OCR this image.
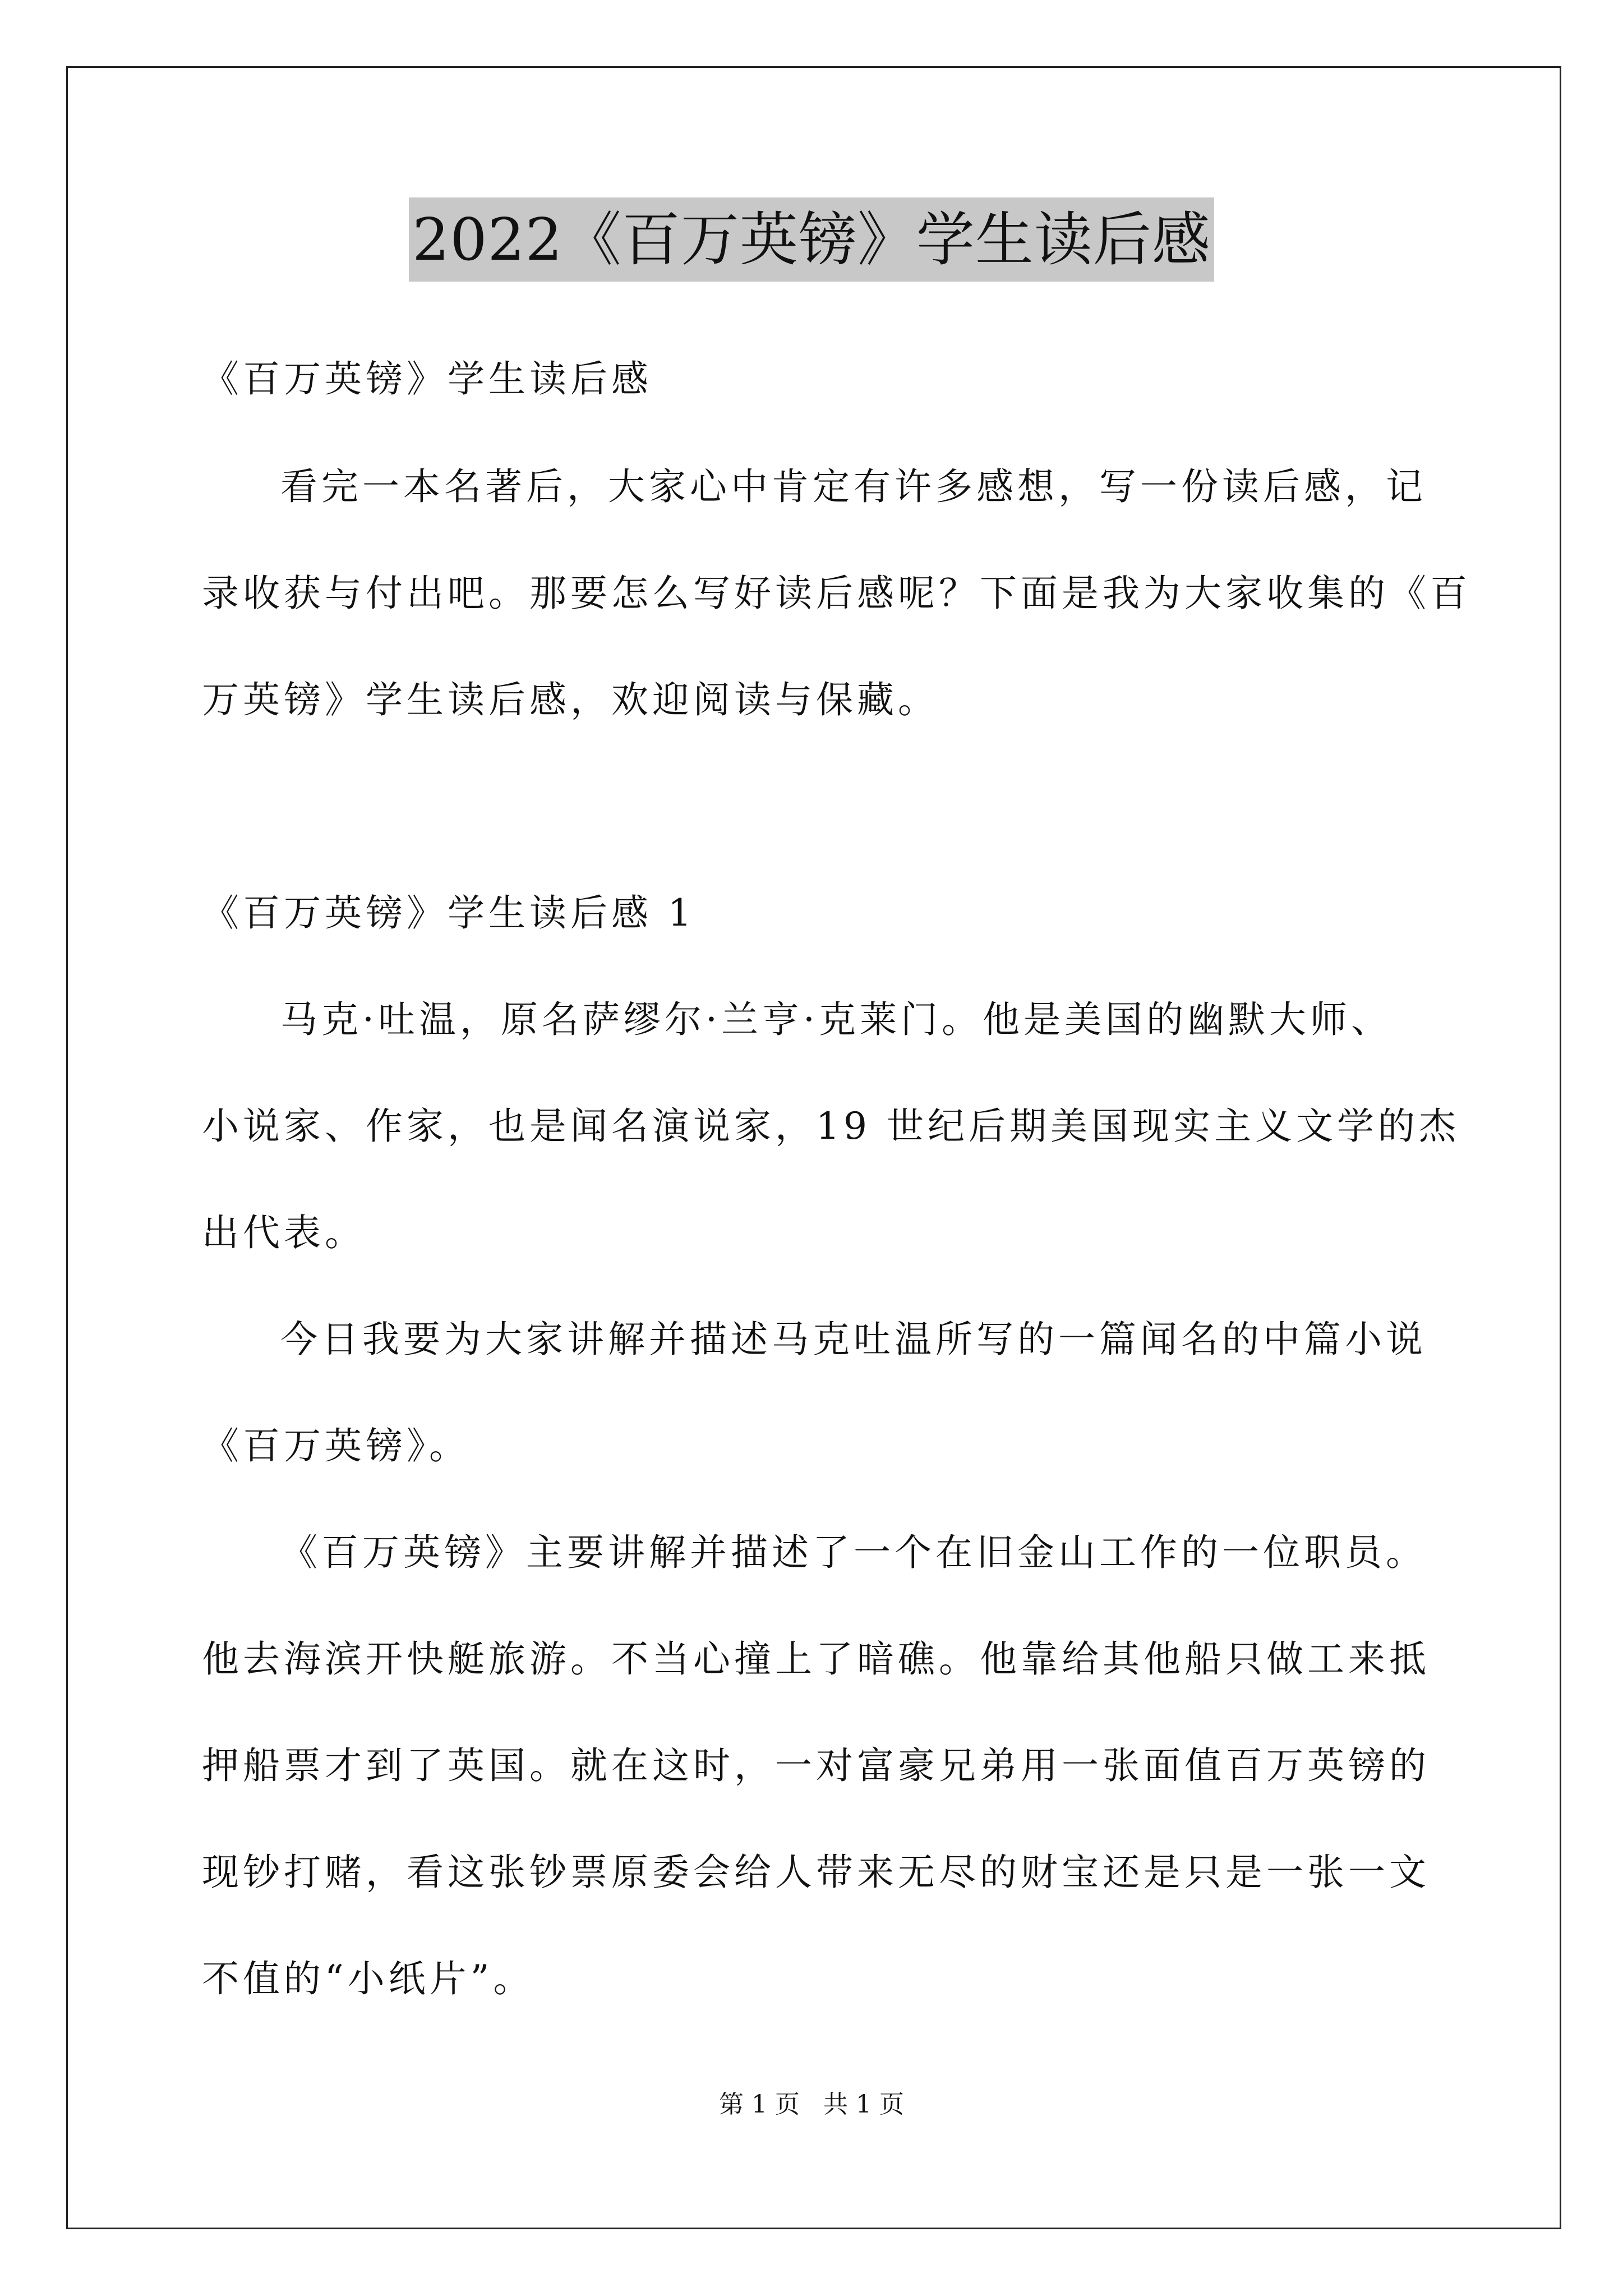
2022《百万英镑》学生读后感
《百万英镑》学生读后感
看完一本名著后，大家心中肯定有许多感想，写一份读后感，记
录收获与付出吧。那要怎么写好读后感呢？下面是我为大家收集的《百
万英镑》学生读后感，欢迎阅读与保藏。
《百万英镑》学生读后感 1
马克·吐温，原名萨缪尔·兰亨·克莱门。他是美国的幽默大师、
小说家、作家，也是闻名演说家，19 世纪后期美国现实主义文学的杰
出代表。
今日我要为大家讲解并描述马克吐温所写的一篇闻名的中篇小说
《百万英镑》。
《百万英镑》主要讲解并描述了一个在旧金山工作的一位职员。
他去海滨开快艇旅游。不当心撞上了暗礁。他靠给其他船只做工来抵
押船票才到了英国。就在这时，一对富豪兄弟用一张面值百万英镑的
现钞打赌，看这张钞票原委会给人带来无尽的财宝还是只是一张一文
不值的“小纸片”。
第 1 页   共 1 页
